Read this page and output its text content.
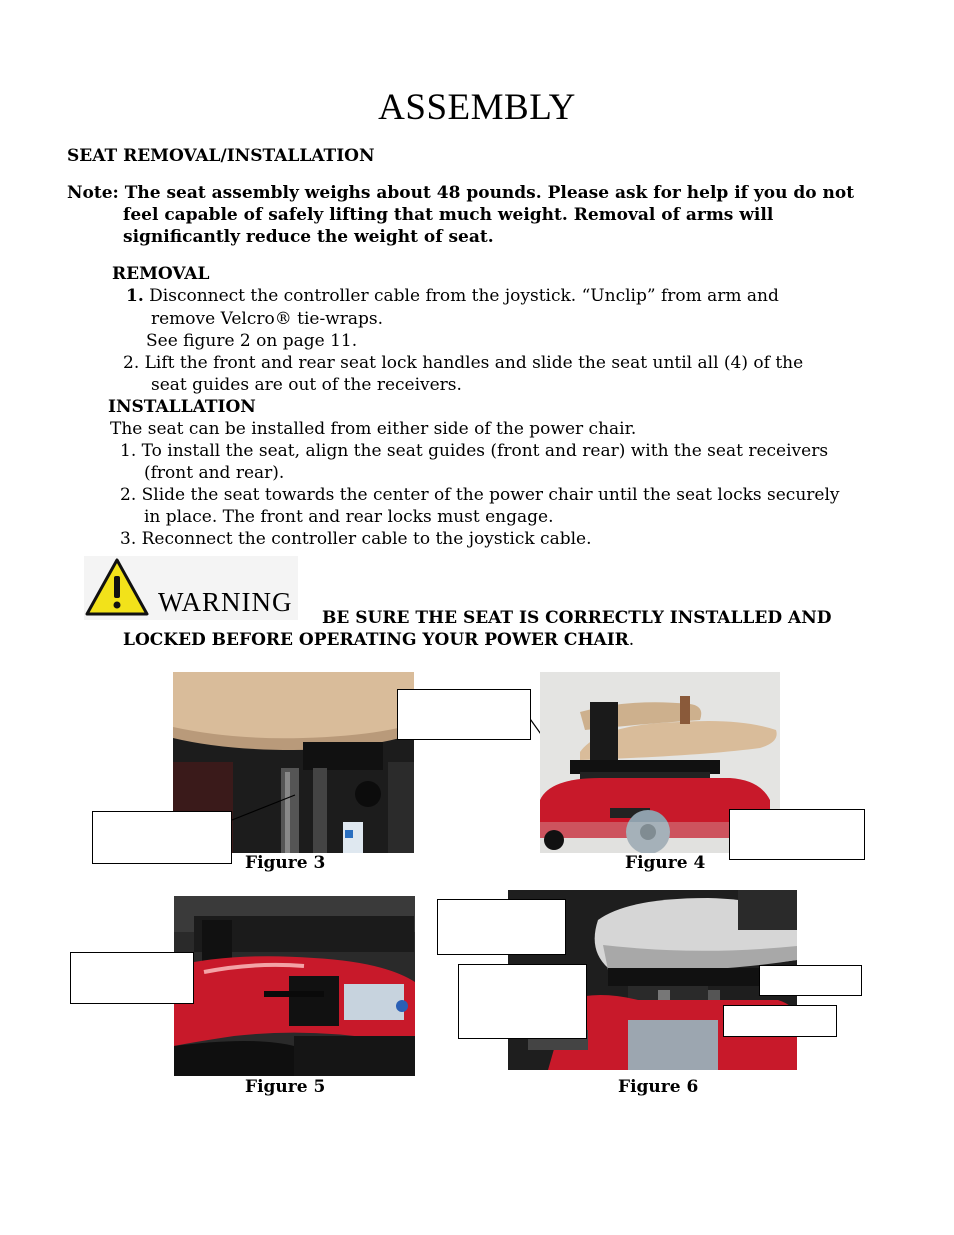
ASSEMBLY
SEAT REMOVAL/INSTALLATION
Note: The seat assembly weighs about 48 pounds. Please ask for help if you do not
feel capable of safely lifting that much weight. Removal of arms will
significantly reduce the weight of seat.
REMOVAL
1. Disconnect the controller cable from the joystick. “Unclip” from arm and
remove Velcro® tie-wraps.
See figure 2 on page 11.
2. Lift the front and rear seat lock handles and slide the seat until all (4) of the
seat guides are out of the receivers.
INSTALLATION
The seat can be installed from either side of the power chair.
1. To install the seat, align the seat guides (front and rear) with the seat receivers
(front and rear).
2. Slide the seat towards the center of the power chair until the seat locks securely
in place. The front and rear locks must engage.
3. Reconnect the controller cable to the joystick cable.
WARNING
BE SURE THE SEAT IS CORRECTLY INSTALLED AND
LOCKED BEFORE OPERATING YOUR POWER CHAIR.
Figure 3	Figure 4
Figure 5	Figure 6
